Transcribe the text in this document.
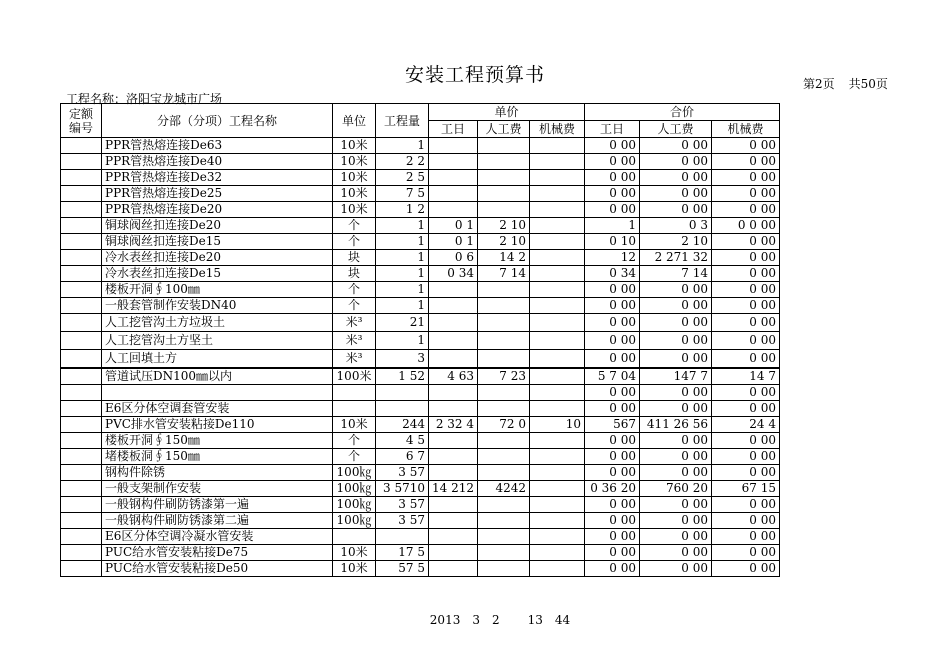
安装工程预算书	第2页 共50页
工程名称：洛阳宝龙城市广场
定额编号	分部（分项）工程名称	单位	工程量	单价			合价		
				工日	人工费	机械费	工日	人工费	机械费
	PPR管热熔连接De63	10米	1				0 00	0 00	0 00
	PPR管热熔连接De40	10米	2 2				0 00	0 00	0 00
	PPR管热熔连接De32	10米	2 5				0 00	0 00	0 00
	PPR管热熔连接De25	10米	7 5				0 00	0 00	0 00
	PPR管热熔连接De20	10米	1 2				0 00	0 00	0 00
	铜球阀丝扣连接De20	个	1	0 1	2 10		1	0 3	0 0 00
	铜球阀丝扣连接De15	个	1	0 1	2 10		0 10	2 10	0 00
	冷水表丝扣连接De20	块	1	0 6	14 2		12	2 271 32	0 00
	冷水表丝扣连接De15	块	1	0 34	7 14		0 34	7 14	0 00
	楼板开洞∮100㎜	个	1				0 00	0 00	0 00
	一般套管制作安装DN40	个	1				0 00	0 00	0 00
	人工挖管沟土方垃圾土	米³	21				0 00	0 00	0 00
	人工挖管沟土方坚土	米³	1				0 00	0 00	0 00
	人工回填土方	米³	3				0 00	0 00	0 00
	管道试压DN100㎜以内	100米	1 52	4 63	7 23		5 7 04	147 7	14 7
							0 00	0 00	0 00
	E6区分体空调套管安装						0 00	0 00	0 00
	PVC排水管安装粘接De110	10米	244	2 32 4	72 0	10	567	411 26 56	24 4
	楼板开洞∮150㎜	个	4 5				0 00	0 00	0 00
	堵楼板洞∮150㎜	个	6 7				0 00	0 00	0 00
	钢构件除锈	100㎏	3 57				0 00	0 00	0 00
	一般支架制作安装	100㎏	3 5710	14 212	4242		0 36 20	760 20	67 15
	一般钢构件刷防锈漆第一遍	100㎏	3 57				0 00	0 00	0 00
	一般钢构件刷防锈漆第二遍	100㎏	3 57				0 00	0 00	0 00
	E6区分体空调冷凝水管安装						0 00	0 00	0 00
	PUC给水管安装粘接De75	10米	17 5				0 00	0 00	0 00
	PUC给水管安装粘接De50	10米	57 5				0 00	0 00	0 00
2013 3 2 13 44
